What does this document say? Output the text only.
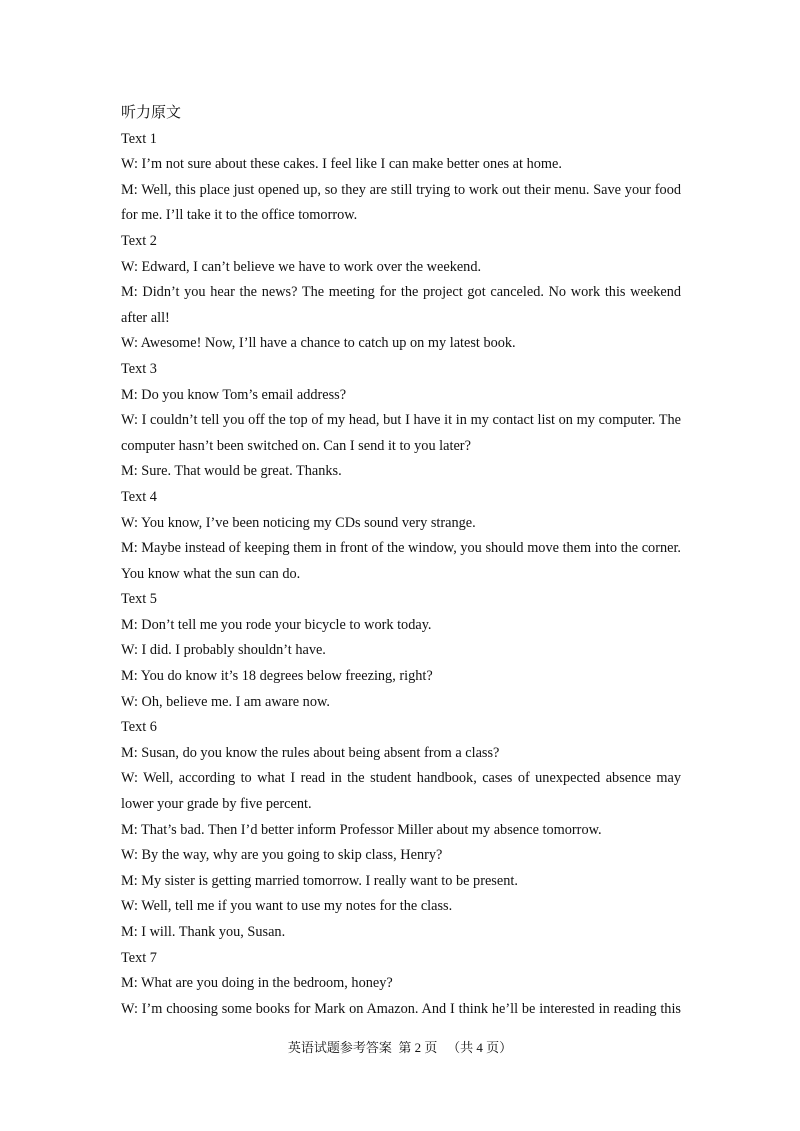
听力原文
Text 1
W: I’m not sure about these cakes. I feel like I can make better ones at home.
M: Well, this place just opened up, so they are still trying to work out their menu. Save your food
for me. I’ll take it to the office tomorrow.
Text 2
W: Edward, I can’t believe we have to work over the weekend.
M: Didn’t you hear the news? The meeting for the project got canceled. No work this weekend
after all!
W: Awesome! Now, I’ll have a chance to catch up on my latest book.
Text 3
M: Do you know Tom’s email address?
W: I couldn’t tell you off the top of my head, but I have it in my contact list on my computer. The
computer hasn’t been switched on. Can I send it to you later?
M: Sure. That would be great. Thanks.
Text 4
W: You know, I’ve been noticing my CDs sound very strange.
M: Maybe instead of keeping them in front of the window, you should move them into the corner.
You know what the sun can do.
Text 5
M: Don’t tell me you rode your bicycle to work today.
W: I did. I probably shouldn’t have.
M: You do know it’s 18 degrees below freezing, right?
W: Oh, believe me. I am aware now.
Text 6
M: Susan, do you know the rules about being absent from a class?
W: Well, according to what I read in the student handbook, cases of unexpected absence may
lower your grade by five percent.
M: That’s bad. Then I’d better inform Professor Miller about my absence tomorrow.
W: By the way, why are you going to skip class, Henry?
M: My sister is getting married tomorrow. I really want to be present.
W: Well, tell me if you want to use my notes for the class.
M: I will. Thank you, Susan.
Text 7
M: What are you doing in the bedroom, honey?
W: I’m choosing some books for Mark on Amazon. And I think he’ll be interested in reading this
英语试题参考答案  第 2 页   （共 4 页）
